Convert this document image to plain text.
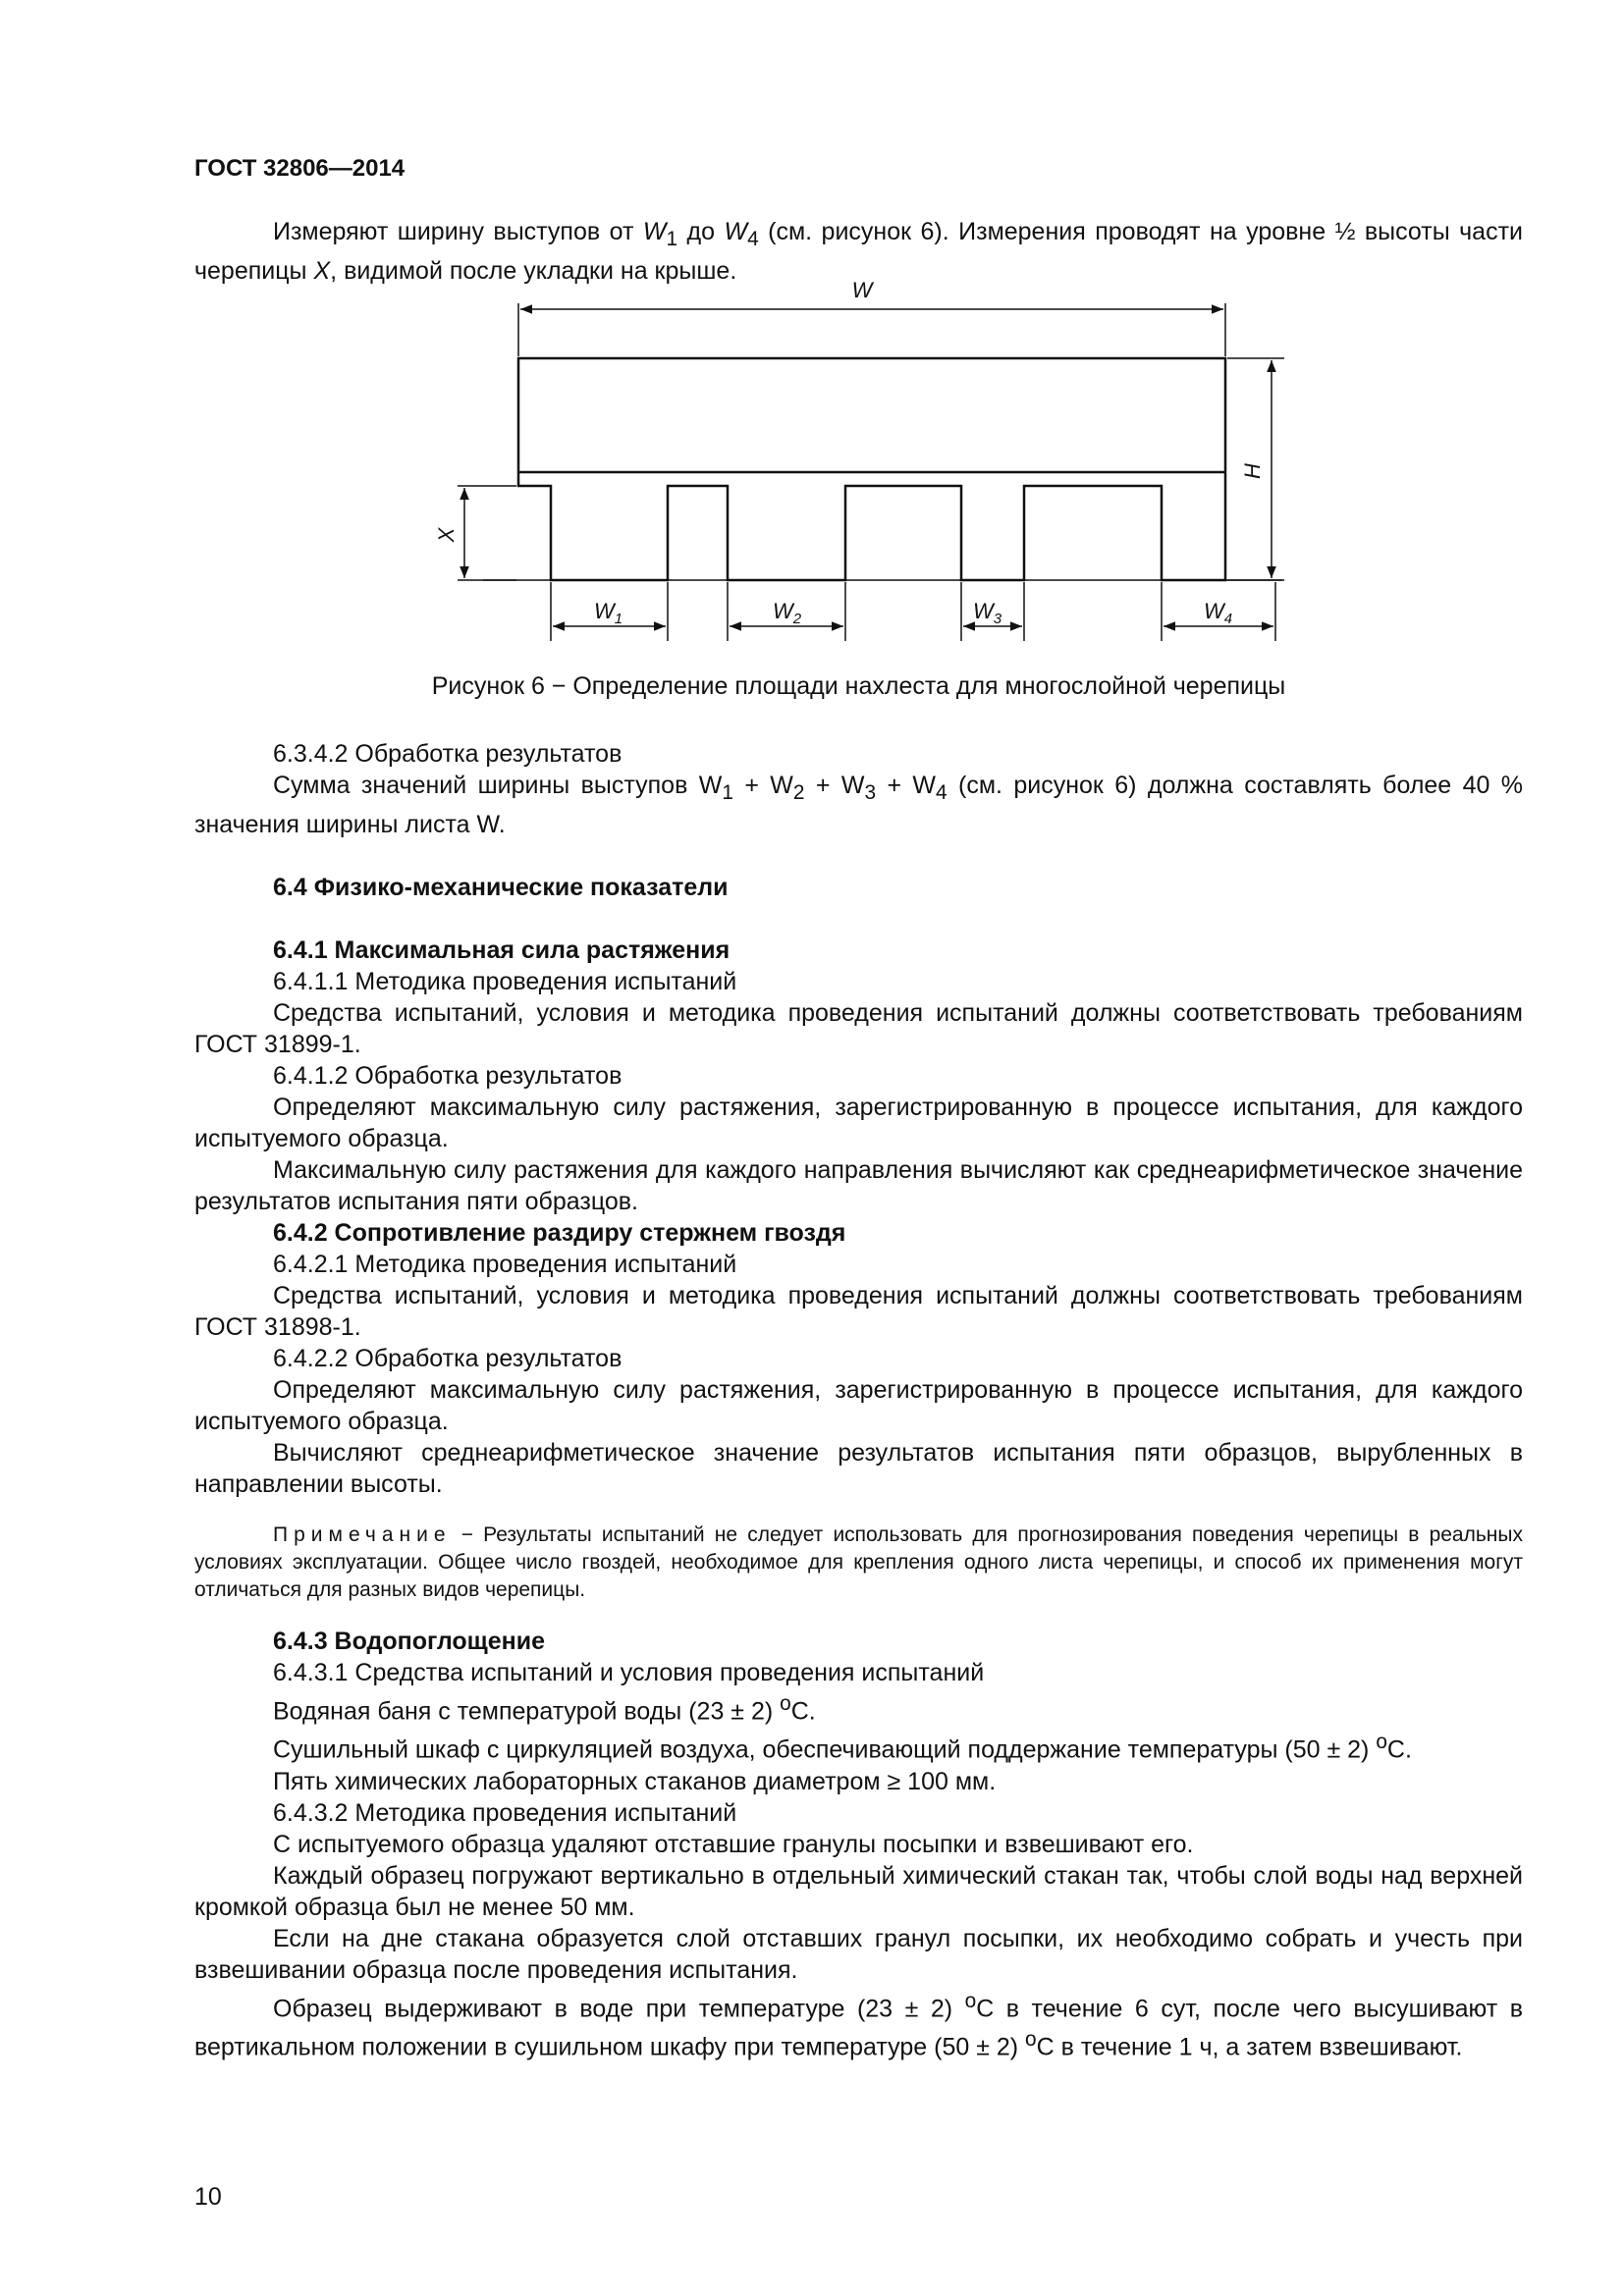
ГОСТ 32806—2014

Измеряют ширину выступов от $W_1$ до $W_4$ (см. рисунок 6). Измерения проводят на уровне ½ высоты части черепицы X, видимой после укладки на крыше.

W
H
X
$W_1$	$W_2$	$W_3$	$W_4$
Рисунок 6 − Определение площади нахлеста для многослойной черепицы

6.3.4.2 Обработка результатов

Сумма значений ширины выступов $W_1 + W_2 + W_3 + W_4$ (см. рисунок 6) должна составлять более 40 % значения ширины листа W.

6.4 Физико-механические показатели

6.4.1 Максимальная сила растяжения

6.4.1.1 Методика проведения испытаний

Средства испытаний, условия и методика проведения испытаний должны соответствовать требованиям ГОСТ 31899-1.

6.4.1.2 Обработка результатов

Определяют максимальную силу растяжения, зарегистрированную в процессе испытания, для каждого испытуемого образца.

Максимальную силу растяжения для каждого направления вычисляют как среднеарифметическое значение результатов испытания пяти образцов.

6.4.2 Сопротивление раздиру стержнем гвоздя

6.4.2.1 Методика проведения испытаний

Средства испытаний, условия и методика проведения испытаний должны соответствовать требованиям ГОСТ 31898-1.

6.4.2.2 Обработка результатов

Определяют максимальную силу растяжения, зарегистрированную в процессе испытания, для каждого испытуемого образца.

Вычисляют среднеарифметическое значение результатов испытания пяти образцов, вырубленных в направлении высоты.

Примечание − Результаты испытаний не следует использовать для прогнозирования поведения черепицы в реальных условиях эксплуатации. Общее число гвоздей, необходимое для крепления одного листа черепицы, и способ их применения могут отличаться для разных видов черепицы.

6.4.3 Водопоглощение

6.4.3.1 Средства испытаний и условия проведения испытаний

Водяная баня с температурой воды (23 ± 2) $^o$С.

Сушильный шкаф с циркуляцией воздуха, обеспечивающий поддержание температуры (50 ± 2) $^o$С.

Пять химических лабораторных стаканов диаметром ≥ 100 мм.

6.4.3.2 Методика проведения испытаний

С испытуемого образца удаляют отставшие гранулы посыпки и взвешивают его.

Каждый образец погружают вертикально в отдельный химический стакан так, чтобы слой воды над верхней кромкой образца был не менее 50 мм.

Если на дне стакана образуется слой отставших гранул посыпки, их необходимо собрать и учесть при взвешивании образца после проведения испытания.

Образец выдерживают в воде при температуре (23 ± 2) $^o$С в течение 6 сут, после чего высушивают в вертикальном положении в сушильном шкафу при температуре (50 ± 2) $^o$С в течение 1 ч, а затем взвешивают.

10
